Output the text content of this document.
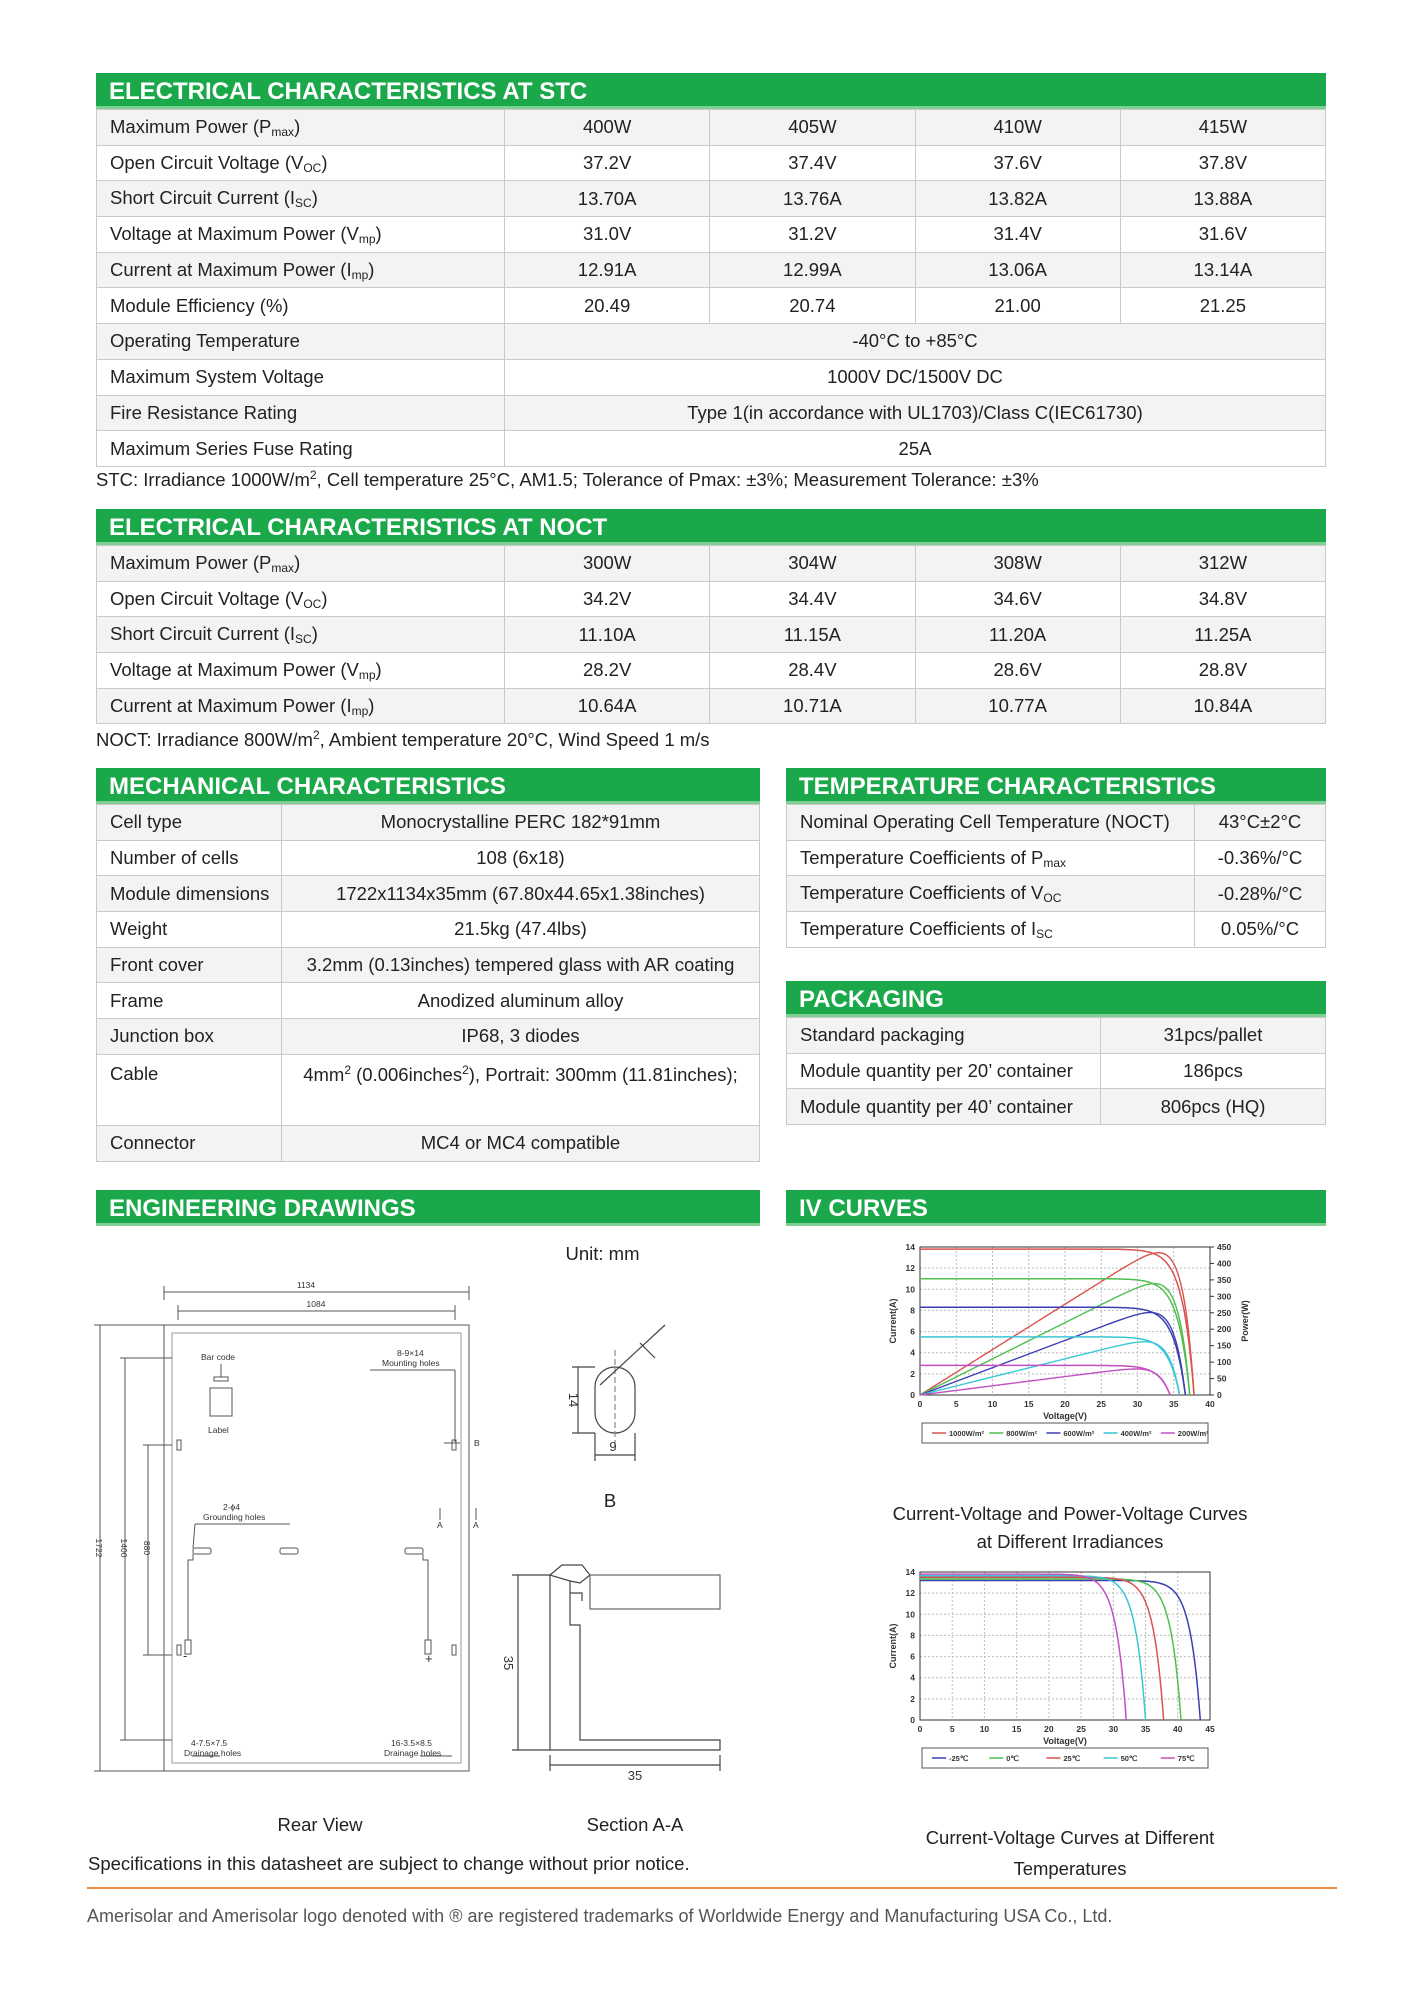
ELECTRICAL CHARACTERISTICS AT STC
Maximum Power $(P_{max})$	400W	405W	410W	415W
Open Circuit Voltage $(V_{OC})$	37.2V	37.4V	37.6V	37.8V
Short Circuit Current $(I_{SC})$	13.70A	13.76A	13.82A	13.88A
Voltage at Maximum Power $(V_{mp})$	31.0V	31.2V	31.4V	31.6V
Current at Maximum Power $(I_{mp})$	12.91A	12.99A	13.06A	13.14A
Module Efficiency (%)	20.49	20.74	21.00	21.25
Operating Temperature	-40°C to +85°C			
Maximum System Voltage	1000V DC/1500V DC			
Fire Resistance Rating	Type 1(in accordance with UL1703)/Class C(IEC61730)			
Maximum Series Fuse Rating	25A			
STC: Irradiance $1000W/m^2$, Cell temperature 25°C, AM1.5; Tolerance of Pmax: ±3%; Measurement Tolerance: ±3%
ELECTRICAL CHARACTERISTICS AT NOCT
Maximum Power $(P_{max})$	300W	304W	308W	312W
Open Circuit Voltage $(V_{OC})$	34.2V	34.4V	34.6V	34.8V
Short Circuit Current $(I_{SC})$	11.10A	11.15A	11.20A	11.25A
Voltage at Maximum Power $(V_{mp})$	28.2V	28.4V	28.6V	28.8V
Current at Maximum Power $(I_{mp})$	10.64A	10.71A	10.77A	10.84A
NOCT: Irradiance $800W/m^2$, Ambient temperature 20°C, Wind Speed 1 m/s
MECHANICAL CHARACTERISTICS
Cell type	Monocrystalline PERC 182*91mm
Number of cells	108 (6x18)
Module dimensions	1722x1134x35mm (67.80x44.65x1.38inches)
Weight	21.5kg (47.4lbs)
Front cover	3.2mm (0.13inches) tempered glass with AR coating
Frame	Anodized aluminum alloy
Junction box	IP68, 3 diodes
Cable	$4mm^2$ (0.006inches$^2$), Portrait: 300mm (11.81inches);
Connector	MC4 or MC4 compatible
TEMPERATURE CHARACTERISTICS
Nominal Operating Cell Temperature (NOCT)	43°C±2°C
Temperature Coefficients of $P_{max}$	-0.36%/°C
Temperature Coefficients of $V_{OC}$	-0.28%/°C
Temperature Coefficients of $I_{SC}$	0.05%/°C
PACKAGING
Standard packaging	31pcs/pallet
Module quantity per 20’ container	186pcs
Module quantity per 40’ container	806pcs (HQ)
ENGINEERING DRAWINGS
Unit: mm
1134
1084
Bar code
Label
8-9×14
Mounting holes
B
2-ɸ4
Grounding holes
A	A
4-7.5×7.5
Drainage holes
16-3.5×8.5
Drainage holes
1722 1400 880
-	+
14
9
B
35
35
Rear View	Section A-A
Specifications in this datasheet are subject to change without prior notice.
IV CURVES
0	5	10	15	20	25	30	35	40
0
2
4
6
8
10
12
14
Voltage(V)
Current(A)
0
50
100
150
200
250
300
350
400
450
Power(W)
1000W/m²	800W/m²	600W/m²	400W/m²	200W/m²
Current-Voltage and Power-Voltage Curves
at Different Irradiances
0	5	10	15	20	25	30	35	40	45
0
2
4
6
8
10
12
14
Voltage(V)
Current(A)
-25℃	0℃	25℃	50℃	75℃
Current-Voltage Curves at Different
Temperatures
Amerisolar and Amerisolar logo denoted with ® are registered trademarks of Worldwide Energy and Manufacturing USA Co., Ltd.
